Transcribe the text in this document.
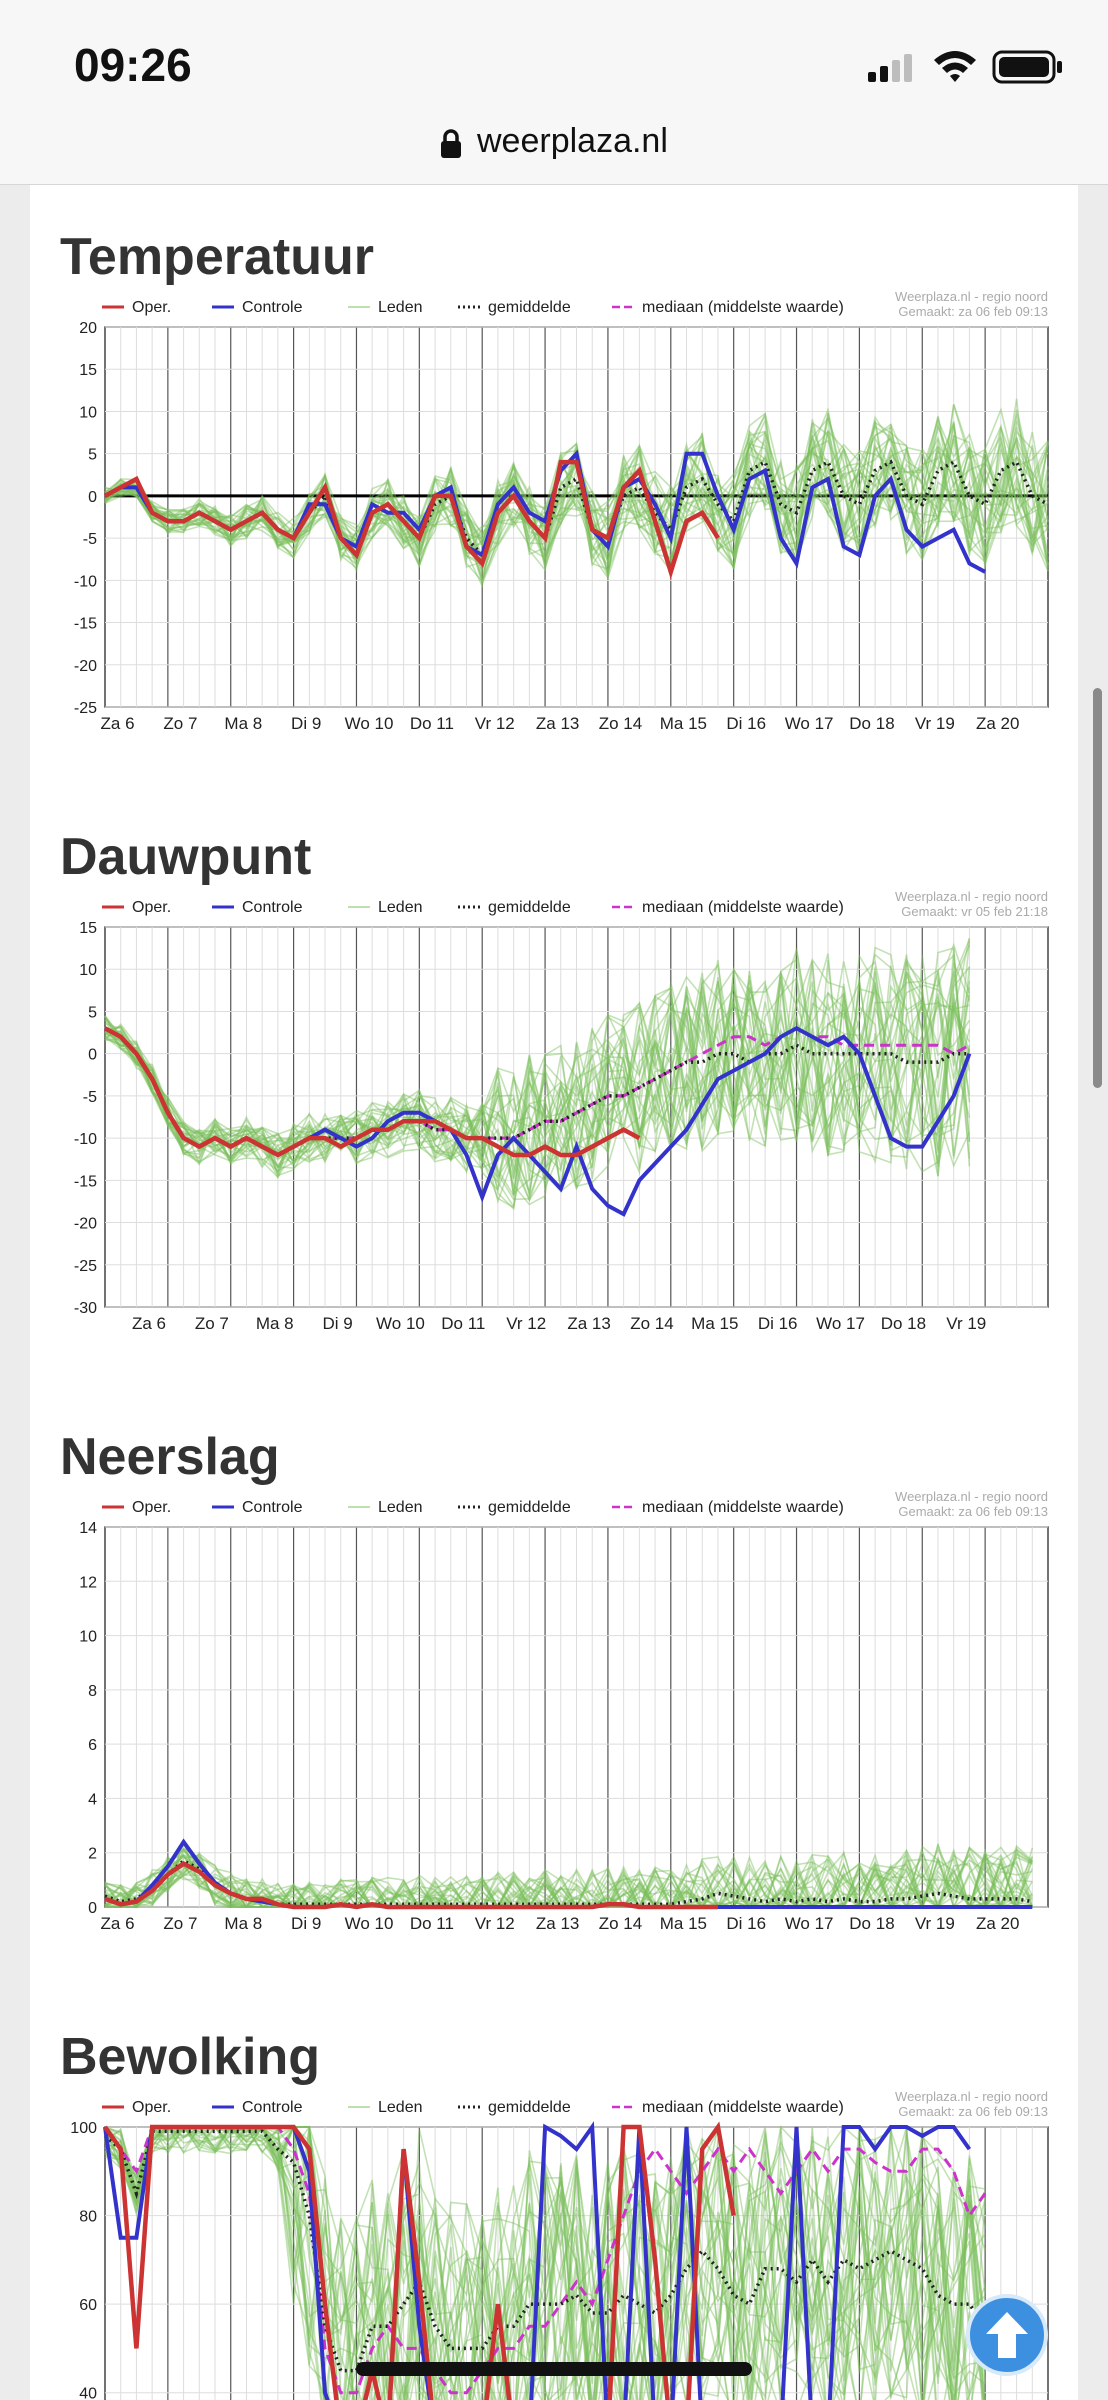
09:26
weerplaza.nl
Temperatuur
Oper.	Controle	Leden	gemiddelde	mediaan (middelste waarde)
Weerplaza.nl - regio noord
Gemaakt: za 06 feb 09:13
20
15
10
5
0
-5
-10
-15
-20
-25
Za 6 Zo 7 Ma 8 Di 9 Wo 10 Do 11 Vr 12 Za 13 Zo 14 Ma 15 Di 16 Wo 17 Do 18 Vr 19 Za 20
Dauwpunt
Oper.	Controle	Leden	gemiddelde	mediaan (middelste waarde)
Weerplaza.nl - regio noord
Gemaakt: vr 05 feb 21:18
15
10
5
0
-5
-10
-15
-20
-25
-30
Za 6 Zo 7 Ma 8 Di 9 Wo 10 Do 11 Vr 12 Za 13 Zo 14 Ma 15 Di 16 Wo 17 Do 18 Vr 19
Neerslag
Oper.	Controle	Leden	gemiddelde	mediaan (middelste waarde)
Weerplaza.nl - regio noord
Gemaakt: za 06 feb 09:13
14
12
10
8
6
4
2
0
Za 6 Zo 7 Ma 8 Di 9 Wo 10 Do 11 Vr 12 Za 13 Zo 14 Ma 15 Di 16 Wo 17 Do 18 Vr 19 Za 20
Bewolking
Oper.	Controle	Leden	gemiddelde	mediaan (middelste waarde)
Weerplaza.nl - regio noord
Gemaakt: za 06 feb 09:13
100
80
60
40
